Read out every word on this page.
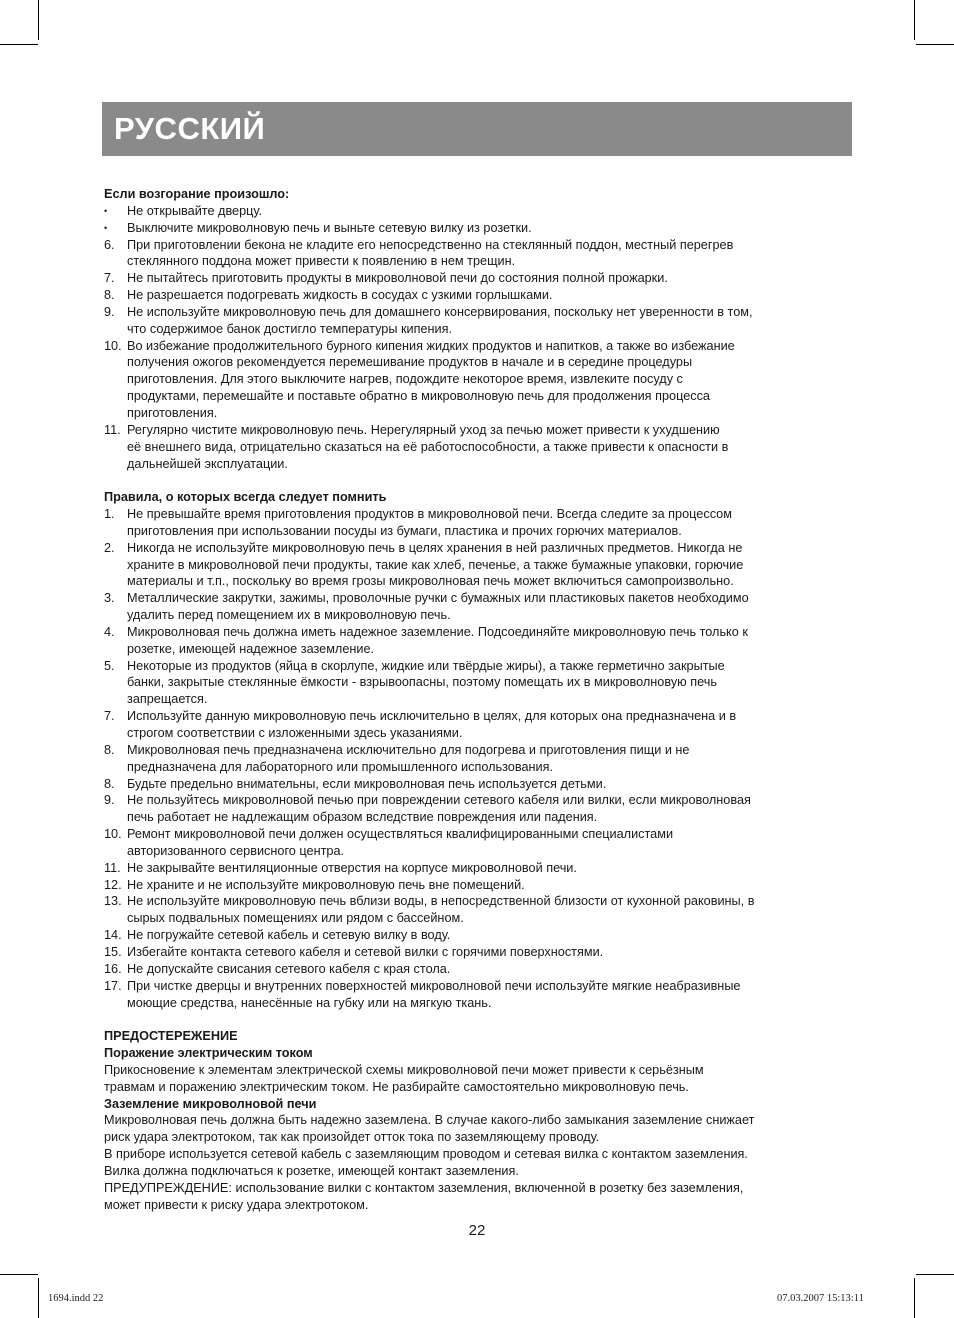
РУССКИЙ
Если возгорание произошло:
•	Не открывайте дверцу.
•	Выключите микроволновую печь и выньте сетевую вилку из розетки.
6. При приготовлении бекона не кладите его непосредственно на стеклянный поддон, местный перегрев
стеклянного поддона может привести к появлению в нем трещин.
7. Не пытайтесь приготовить продукты в микроволновой печи до состояния полной прожарки.
8. Не разрешается подогревать жидкость в сосудах с узкими горлышками.
9. Не используйте микроволновую печь для домашнего консервирования, поскольку нет уверенности в том,
что содержимое банок достигло температуры кипения.
10. Во избежание продолжительного бурного кипения жидких продуктов и напитков, а также во избежание
получения ожогов рекомендуется перемешивание продуктов в начале и в середине процедуры
приготовления. Для этого выключите нагрев, подождите некоторое время, извлеките посуду с
продуктами, перемешайте и поставьте обратно в микроволновую печь для продолжения процесса
приготовления.
11. Регулярно чистите микроволновую печь. Нерегулярный уход за печью может привести к ухудшению
её внешнего вида, отрицательно сказаться на её работоспособности, а также привести к опасности в
дальнейшей эксплуатации.
Правила, о которых всегда следует помнить
1. Не превышайте время приготовления продуктов в микроволновой печи. Всегда следите за процессом
приготовления при использовании посуды из бумаги, пластика и прочих горючих материалов.
2. Никогда не используйте микроволновую печь в целях хранения в ней различных предметов. Никогда не
храните в микроволновой печи продукты, такие как хлеб, печенье, а также бумажные упаковки, горючие
материалы и т.п., поскольку во время грозы микроволновая печь может включиться самопроизвольно.
3. Металлические закрутки, зажимы, проволочные ручки с бумажных или пластиковых пакетов необходимо
удалить перед помещением их в микроволновую печь.
4. Микроволновая печь должна иметь надежное заземление. Подсоединяйте микроволновую печь только к
розетке, имеющей надежное заземление.
5. Некоторые из продуктов (яйца в скорлупе, жидкие или твёрдые жиры), а также герметично закрытые
банки, закрытые стеклянные ёмкости - взрывоопасны, поэтому помещать их в микроволновую печь
запрещается.
7. Используйте данную микроволновую печь исключительно в целях, для которых она предназначена и в
строгом соответствии с изложенными здесь указаниями.
8. Микроволновая печь предназначена исключительно для подогрева и приготовления пищи и не
предназначена для лабораторного или промышленного использования.
8. Будьте предельно внимательны, если микроволновая печь используется детьми.
9. Не пользуйтесь микроволновой печью при повреждении сетевого кабеля или вилки, если микроволновая
печь работает не надлежащим образом вследствие повреждения или падения.
10. Ремонт микроволновой печи должен осуществляться квалифицированными специалистами
авторизованного сервисного центра.
11. Не закрывайте вентиляционные отверстия на корпусе микроволновой печи.
12. Не храните и не используйте микроволновую печь вне помещений.
13. Не используйте микроволновую печь вблизи воды, в непосредственной близости от кухонной раковины, в
сырых подвальных помещениях или рядом с бассейном.
14. Не погружайте сетевой кабель и сетевую вилку в воду.
15. Избегайте контакта сетевого кабеля и сетевой вилки с горячими поверхностями.
16. Не допускайте свисания сетевого кабеля с края стола.
17. При чистке дверцы и внутренних поверхностей микроволновой печи используйте мягкие неабразивные
моющие средства, нанесённые на губку или на мягкую ткань.
ПРЕДОСТЕРЕЖЕНИЕ
Поражение электрическим током
Прикосновение к элементам электрической схемы микроволновой печи может привести к серьёзным
травмам и поражению электрическим током. Не разбирайте самостоятельно микроволновую печь.
Заземление микроволновой печи
Микроволновая печь должна быть надежно заземлена. В случае какого-либо замыкания заземление снижает
риск удара электротоком, так как произойдет отток тока по заземляющему проводу.
В приборе используется сетевой кабель с заземляющим проводом и сетевая вилка с контактом заземления.
Вилка должна подключаться к розетке, имеющей контакт заземления.
ПРЕДУПРЕЖДЕНИЕ: использование вилки с контактом заземления, включенной в розетку без заземления,
может привести к риску удара электротоком.
22
1694.indd 22	07.03.2007 15:13:11
